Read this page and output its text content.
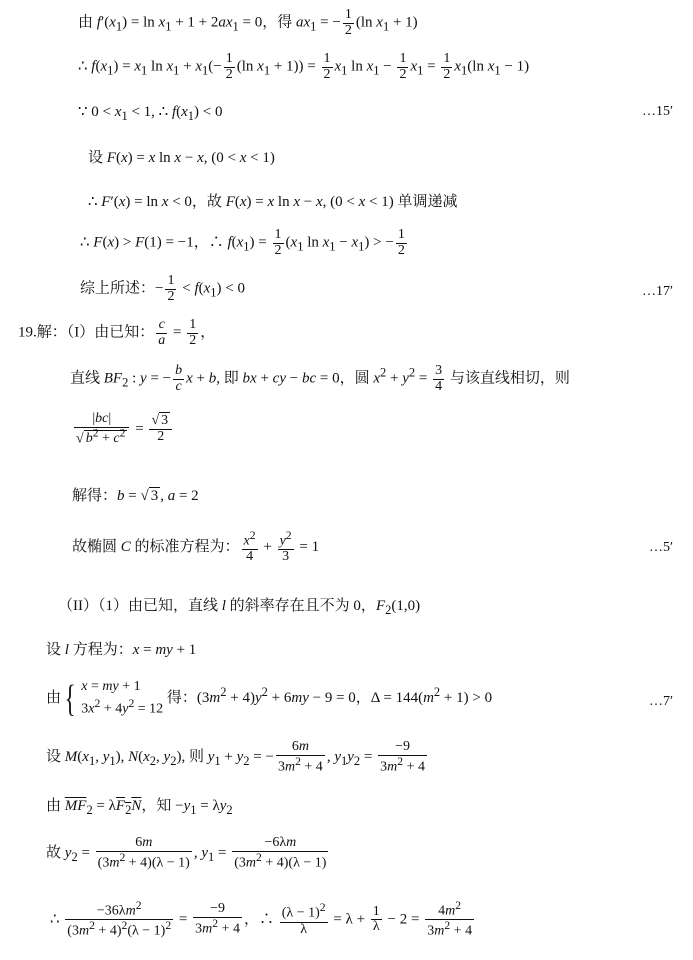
由 $f'(x_1) = \ln x_1 + 1 + 2ax_1 = 0$，得 $ax_1$ = − $\frac{1}{2} (\ln$ $x_1 + 1$)
∴ $f(x_1) = x_1$ $\ln x_1 + x_1(- \frac{1}{2} (\ln$ $x_1 + 1)) = \frac{1}{2} x_1$ $\ln x_1 - \frac{1}{2} x_1 = \frac{1}{2} x_1(\ln$ $x_1 - 1$)
∵ $0 < x_1 < 1$, ∴ $f(x_1) < 0$	…15′
设 F(x) = x ln x − x, (0 < x < 1)
∴ F′(x) = ln x < 0，故 F(x) = x ln x − x, (0 < x < 1) 单调递减
∴ F(x) > F(1) = −1，∴ $f(x_1) = \frac{1}{2} (x_1$ $\ln x_1 - x_1$) > − $\frac{1}{2}$
综上所述：− $\frac{1}{2} < f(x_1) < 0$	…17′
19.解：（I）由已知： $\frac{c}{a} = \frac{1}{2}$ ，
直线 $BF_2$ : y = − $\frac{b}{c}$ x + b, 即 bx + cy − bc = 0，圆 $x^2 + y^2 = \frac{3}{4}$ 与该直线相切，则
$\frac{|bc|}{√ b^2 + c^2} = \frac{√ 3}{2}$
解得：b = √ 3 , a = 2
故椭圆 C 的标准方程为： $\frac{x^2}{4} + \frac{y^2}{3} = 1$	…5′
（II）（1）由已知，直线 l 的斜率存在且不为 0，$F_2(1,0)$
设 l 方程为：x = my + 1
由{ x = my + 1
$3x^2 + 4y^2 = 12$
得：$(3m^2 + 4)y^2 + 6my - 9 = 0$，$\Delta = 144(m^2 + 1) > 0$	…7′
设 $M(x_1$, $y_1$), $N(x_2$, $y_2$), 则 $y_1 + y_2$ = − $\frac{6m}{3m^2 + 4}$ , $y_1y_2 = \frac{-9}{3m^2 + 4}$
由 $\overline{MF}_2 = \lambda F_2N$，知 $-y_1 = \lambda y_2$
故 $y_2 = \frac{6m}{(3m^2 + 4)(\lambda - 1)}$ , $y_1 = \frac{-6\lambda m}{(3m^2 + 4)(\lambda - 1)}$
∴ $\frac{-36\lambda m^2}{(3m^2 + 4)^2(\lambda - 1)^2} = \frac{-9}{3m^2 + 4}$ ，∴ $\frac{(\lambda - 1)^2}{\lambda} = \lambda + \frac{1}{\lambda} - 2 = \frac{4m^2}{3m^2 + 4}$
